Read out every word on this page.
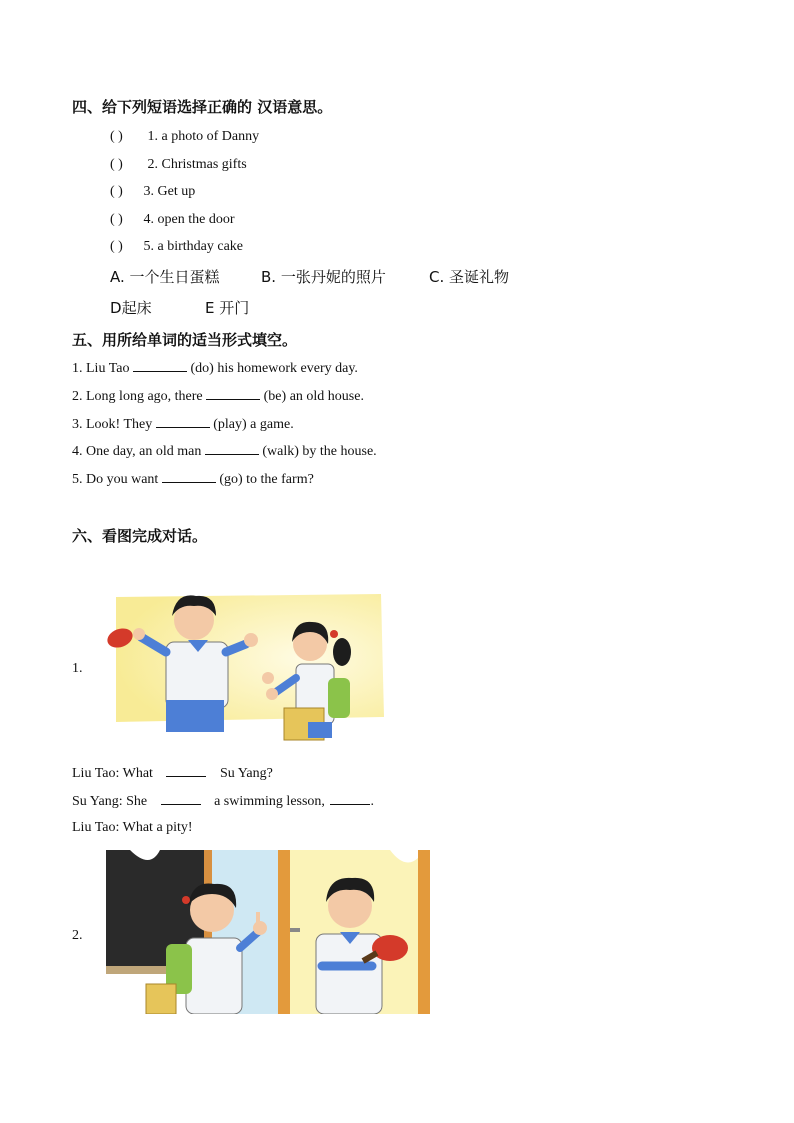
四、给下列短语选择正确的 汉语意思。
( ) 1. a photo of Danny
( ) 2. Christmas gifts
( ) 3. Get up
( ) 4. open the door
( ) 5. a birthday cake
A. 一个生日蛋糕	B. 一张丹妮的照片	C. 圣诞礼物
D起床	E 开门
五、用所给单词的适当形式填空。
1. Liu Tao	(do) his homework every day.
2. Long long ago, there	(be) an old house.
3. Look! They	(play) a game.
4. One day, an old man	(walk) by the house.
5. Do you want	(go) to the farm?
六、看图完成对话。
1.
Liu Tao: What	Su Yang?
Su Yang: She	a swimming lesson,	.
Liu Tao: What a pity!
2.
